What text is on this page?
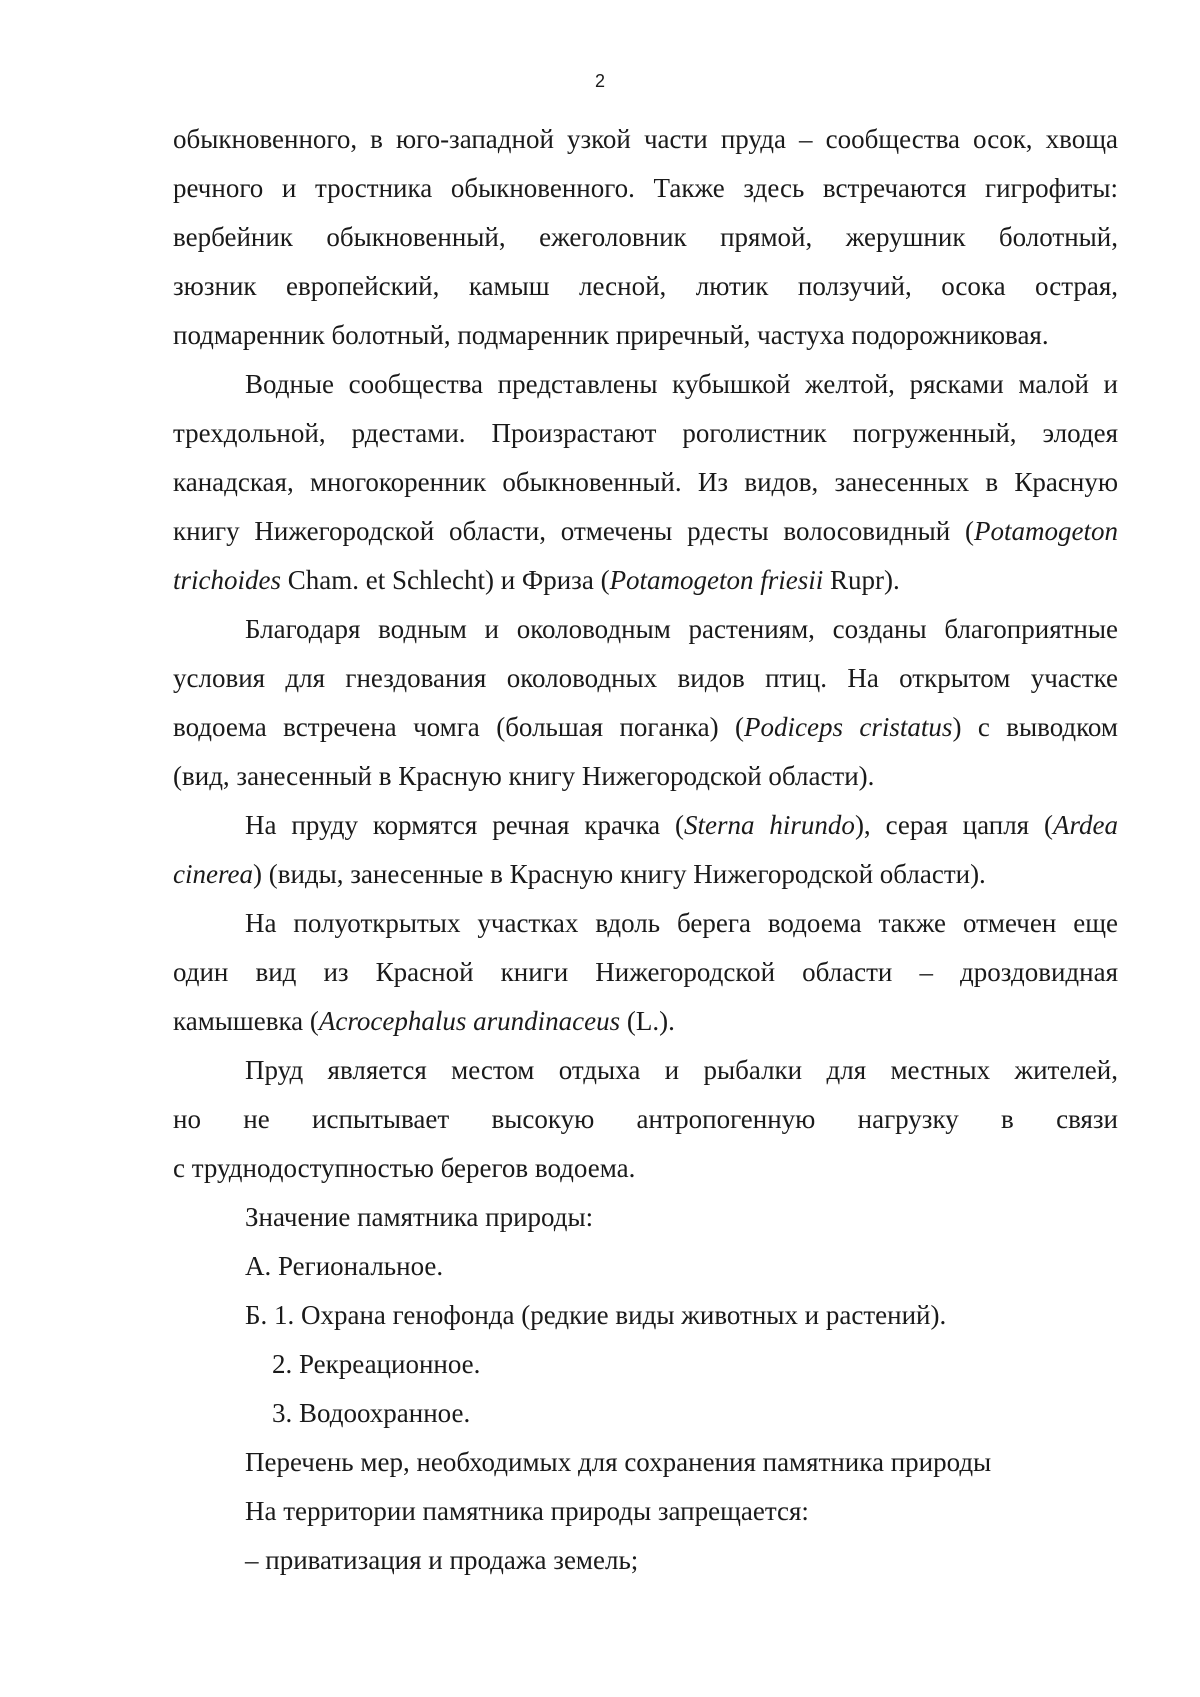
2

обыкновенного, в юго-западной узкой части пруда – сообщества осок, хвоща

речного и тростника обыкновенного. Также здесь встречаются гигрофиты:

вербейник обыкновенный, ежеголовник прямой, жерушник болотный,

зюзник европейский, камыш лесной, лютик ползучий, осока острая,

подмаренник болотный, подмаренник приречный, частуха подорожниковая.

Водные сообщества представлены кубышкой желтой, рясками малой и

трехдольной, рдестами. Произрастают роголистник погруженный, элодея

канадская, многокоренник обыкновенный. Из видов, занесенных в Красную

книгу Нижегородской области, отмечены рдесты волосовидный (Potamogeton

trichoides Cham. et Schlecht) и Фриза (Potamogeton friesii Rupr).

Благодаря водным и околоводным растениям, созданы благоприятные

условия для гнездования околоводных видов птиц. На открытом участке

водоема встречена чомга (большая поганка) (Podiceps cristatus) с выводком

(вид, занесенный в Красную книгу Нижегородской области).

На пруду кормятся речная крачка (Sterna hirundo), серая цапля (Ardea

cinerea) (виды, занесенные в Красную книгу Нижегородской области).

На полуоткрытых участках вдоль берега водоема также отмечен еще

один вид из Красной книги Нижегородской области – дроздовидная

камышевка (Acrocephalus arundinaceus (L.).

Пруд является местом отдыха и рыбалки для местных жителей,

но не испытывает высокую антропогенную нагрузку в связи

с труднодоступностью берегов водоема.

Значение памятника природы:

А. Региональное.

Б. 1. Охрана генофонда (редкие виды животных и растений).

2. Рекреационное.

3. Водоохранное.

Перечень мер, необходимых для сохранения памятника природы

На территории памятника природы запрещается:

– приватизация и продажа земель;
